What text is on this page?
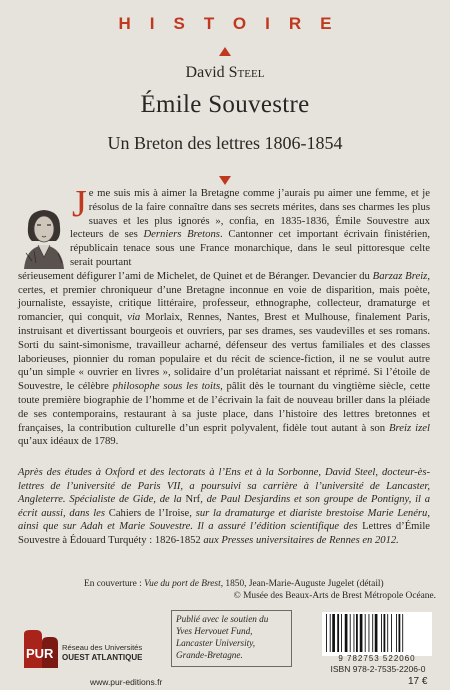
HISTOIRE
David Steel
Émile Souvestre
Un Breton des lettres 1806-1854
J e me suis mis à aimer la Bretagne comme j’aurais pu aimer une femme, et je résolus de la faire connaître dans ses secrets mérites, dans ses charmes les plus suaves et les plus ignorés », confia, en 1835-1836, Émile Souvestre aux lecteurs de ses Derniers Bretons. Cantonner cet important écrivain finistérien, républicain tenace sous une France monarchique, dans le seul pittoresque celte serait pourtant
sérieusement défigurer l’ami de Michelet, de Quinet et de Béranger. Devancier du Barzaz Breiz, certes, et premier chroniqueur d’une Bretagne inconnue en voie de disparition, mais poète, journaliste, essayiste, critique littéraire, professeur, ethnographe, collecteur, dramaturge et romancier, qui conquit, via Morlaix, Rennes, Nantes, Brest et Mulhouse, finalement Paris, instruisant et divertissant bourgeois et ouvriers, par ses drames, ses vaudevilles et ses romans. Sorti du saint-simonisme, travailleur acharné, défenseur des vertus familiales et des classes laborieuses, pionnier du roman populaire et du récit de science-fiction, il ne se voulut autre qu’un simple « ouvrier en livres », solidaire d’un prolétariat naissant et réprimé. Si l’étoile de Souvestre, le célèbre philosophe sous les toits, pâlit dès le tournant du vingtième siècle, cette toute première biographie de l’homme et de l’écrivain la fait de nouveau briller dans la pléiade de ses contemporains, restaurant à sa juste place, dans l’histoire des lettres bretonnes et françaises, la contribution culturelle d’un esprit polyvalent, fidèle tout autant à son Breiz izel qu’aux idéaux de 1789.
Après des études à Oxford et des lectorats à l’Ens et à la Sorbonne, David Steel, docteur-ès-lettres de l’université de Paris VII, a poursuivi sa carrière à l’université de Lancaster, Angleterre. Spécialiste de Gide, de la Nrf, de Paul Desjardins et son groupe de Pontigny, il a écrit aussi, dans les Cahiers de l’Iroise, sur la dramaturge et diariste brestoise Marie Lenéru, ainsi que sur Adah et Marie Souvestre. Il a assuré l’édition scientifique des Lettres d’Émile Souvestre à Édouard Turquéty : 1826-1852 aux Presses universitaires de Rennes en 2012.
En couverture : Vue du port de Brest, 1850, Jean-Marie-Auguste Jugelet (détail)
© Musée des Beaux-Arts de Brest Métropole Océane.
PUR Réseau des Universités
OUEST ATLANTIQUE
Publié avec le soutien du
Yves Hervouet Fund,
Lancaster University,
Grande-Bretagne.	9 782753 522060
ISBN 978-2-7535-2206-0
www.pur-editions.fr	17 €
